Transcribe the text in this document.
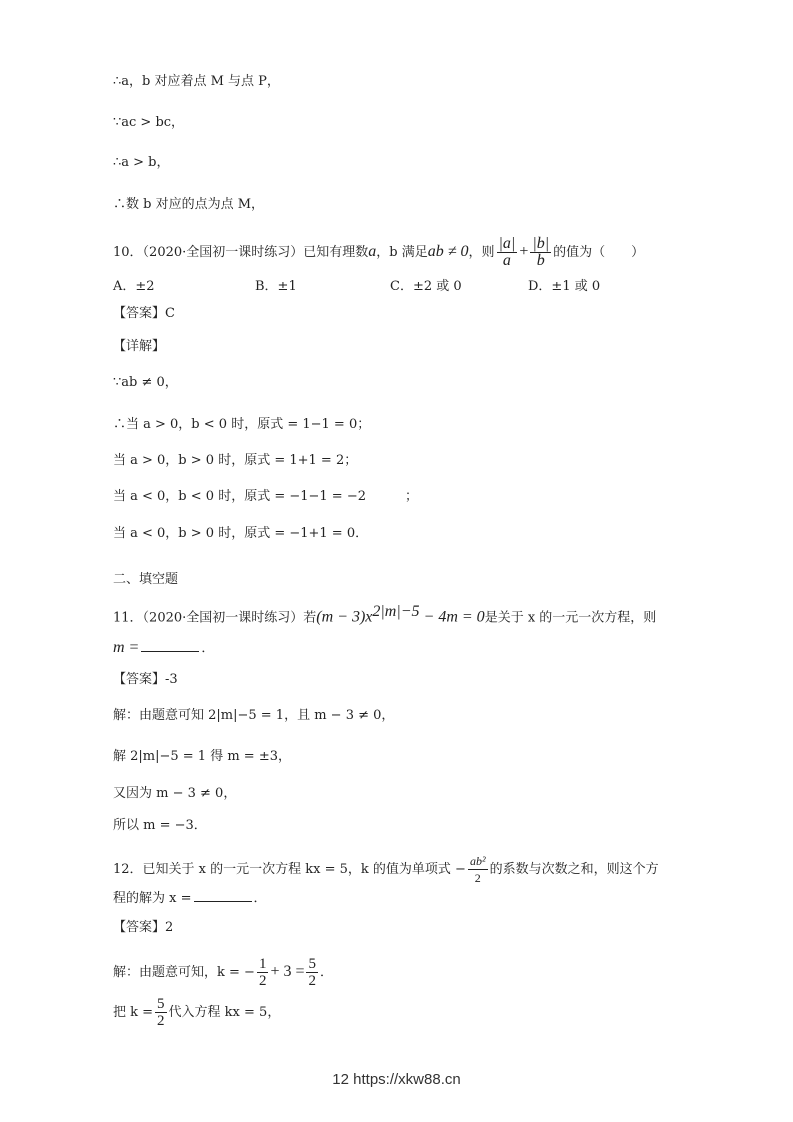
∴a，b 对应着点 M 与点 P，
∵ac > bc，
∴a > b，
∴数 b 对应的点为点 M，
10．（2020·全国初一课时练习）已知有理数a，b 满足ab ≠ 0，则 $\frac{|a|}{a} + \frac{|b|}{b}$ 的值为（　　）
A．±2	B．±1	C．±2 或 0	D．±1 或 0
【答案】C
【详解】
∵ab ≠ 0，
∴当 a > 0，b < 0 时，原式 = 1−1 = 0；
当 a > 0，b > 0 时，原式 = 1+1 = 2；
当 a < 0，b < 0 时，原式 = −1−1 = −2　　　；
当 a < 0，b > 0 时，原式 = −1+1 = 0．
二、填空题
11．（2020·全国初一课时练习）若$(m - 3)x^{2|m|-5} - 4m = 0$是关于 x 的一元一次方程，则
m =	．
【答案】-3
解：由题意可知 2|m|−5 = 1，且 m − 3 ≠ 0，
解 2|m|−5 = 1 得 m = ±3，
又因为 m − 3 ≠ 0，
所以 m = −3．
12．已知关于 x 的一元一次方程 kx = 5，k 的值为单项式 − $\frac{\text{ab²}}{2}$ 的系数与次数之和，则这个方
程的解为 x =	．
【答案】2
解：由题意可知，k = − $\frac{1}{2} + 3 = \frac{5}{2}$ ．
把 $k = \frac{5}{2}$ 代入方程 kx = 5，
12 https://xkw88.cn
